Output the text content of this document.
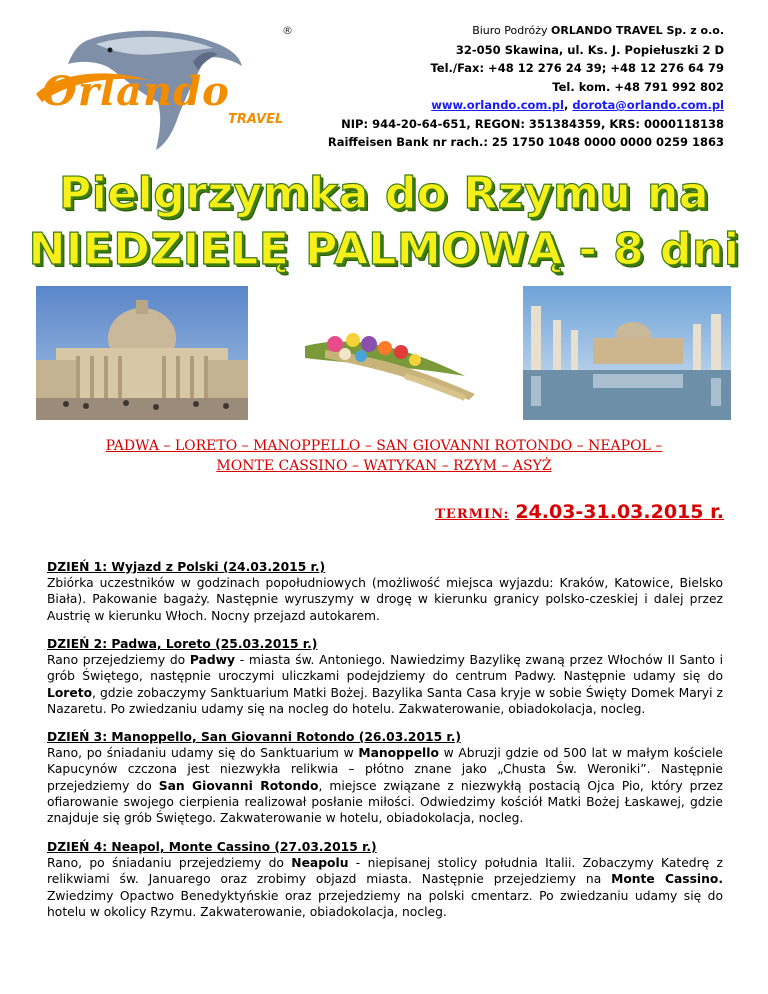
Orlando
TRAVEL
®	Biuro Podróży ORLANDO TRAVEL Sp. z o.o.
32-050 Skawina, ul. Ks. J. Popiełuszki 2 D
Tel./Fax: +48 12 276 24 39; +48 12 276 64 79
Tel. kom. +48 791 992 802
www.orlando.com.pl, dorota@orlando.com.pl
NIP: 944-20-64-651, REGON: 351384359, KRS: 0000118138
Raiffeisen Bank nr rach.: 25 1750 1048 0000 0000 0259 1863
Pielgrzymka do Rzymu na
NIEDZIELĘ PALMOWĄ - 8 dni
PADWA – LORETO – MANOPPELLO – SAN GIOVANNI ROTONDO – NEAPOL –
MONTE CASSINO – WATYKAN – RZYM – ASYŻ
TERMIN: 24.03-31.03.2015 r.
DZIEŃ 1: Wyjazd z Polski (24.03.2015 r.)

Zbiórka uczestników w godzinach popołudniowych (możliwość miejsca wyjazdu: Kraków, Katowice, Bielsko Biała). Pakowanie bagaży. Następnie wyruszymy w drogę w kierunku granicy polsko-czeskiej i dalej przez Austrię w kierunku Włoch. Nocny przejazd autokarem.

DZIEŃ 2: Padwa, Loreto (25.03.2015 r.)

Rano przejedziemy do Padwy - miasta św. Antoniego. Nawiedzimy Bazylikę zwaną przez Włochów II Santo i grób Świętego, następnie uroczymi uliczkami podejdziemy do centrum Padwy. Następnie udamy się do Loreto, gdzie zobaczymy Sanktuarium Matki Bożej. Bazylika Santa Casa kryje w sobie Święty Domek Maryi z Nazaretu. Po zwiedzaniu udamy się na nocleg do hotelu. Zakwaterowanie, obiadokolacja, nocleg.

DZIEŃ 3: Manoppello, San Giovanni Rotondo (26.03.2015 r.)

Rano, po śniadaniu udamy się do Sanktuarium w Manoppello w Abruzji gdzie od 500 lat w małym kościele Kapucynów czczona jest niezwykła relikwia – płótno znane jako „Chusta Św. Weroniki”. Następnie przejedziemy do San Giovanni Rotondo, miejsce związane z niezwykłą postacią Ojca Pio, który przez ofiarowanie swojego cierpienia realizował posłanie miłości. Odwiedzimy kościół Matki Bożej Łaskawej, gdzie znajduje się grób Świętego. Zakwaterowanie w hotelu, obiadokolacja, nocleg.

DZIEŃ 4: Neapol, Monte Cassino (27.03.2015 r.)

Rano, po śniadaniu przejedziemy do Neapolu - niepisanej stolicy południa Italii. Zobaczymy Katedrę z relikwiami św. Januarego oraz zrobimy objazd miasta. Następnie przejedziemy na Monte Cassino. Zwiedzimy Opactwo Benedyktyńskie oraz przejedziemy na polski cmentarz. Po zwiedzaniu udamy się do hotelu w okolicy Rzymu. Zakwaterowanie, obiadokolacja, nocleg.
